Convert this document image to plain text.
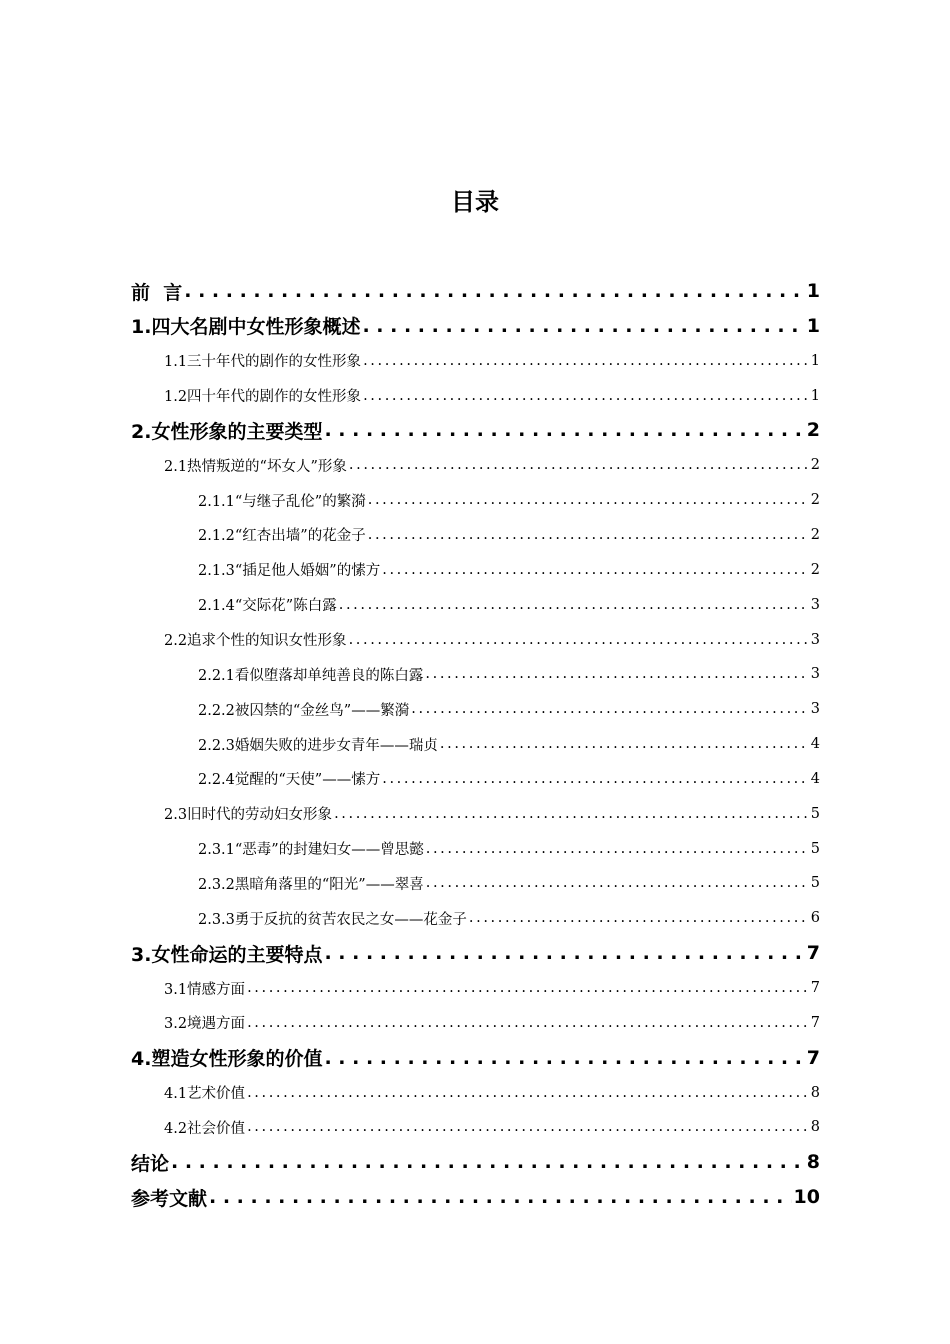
目录
前  言 . . .	1
1.四大名剧中女性形象概述 . . .	1
1.1三十年代的剧作的女性形象 . . .	1
1.2四十年代的剧作的女性形象 . . .	1
2.女性形象的主要类型 . . .	2
2.1热情叛逆的“坏女人”形象 . . .	2
2.1.1“与继子乱伦”的繁漪 . . .	2
2.1.2“红杏出墙”的花金子 . . .	2
2.1.3“插足他人婚姻”的愫方 . . .	2
2.1.4“交际花”陈白露 . . .	3
2.2追求个性的知识女性形象 . . .	3
2.2.1看似堕落却单纯善良的陈白露 . . .	3
2.2.2被囚禁的“金丝鸟”——繁漪 . . .	3
2.2.3婚姻失败的进步女青年——瑞贞 . . .	4
2.2.4觉醒的“天使”——愫方 . . .	4
2.3旧时代的劳动妇女形象 . . .	5
2.3.1“恶毒”的封建妇女——曾思懿 . . .	5
2.3.2黑暗角落里的“阳光”——翠喜 . . .	5
2.3.3勇于反抗的贫苦农民之女——花金子 . . .	6
3.女性命运的主要特点 . . .	7
3.1情感方面 . . .	7
3.2境遇方面 . . .	7
4.塑造女性形象的价值 . . .	7
4.1艺术价值 . . .	8
4.2社会价值 . . .	8
结论 . . .	8
参考文献 . . .	10
